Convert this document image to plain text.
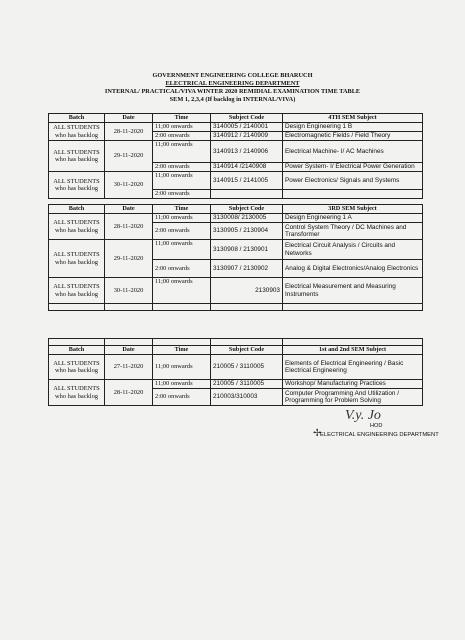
GOVERNMENT ENGINEERING COLLEGE BHARUCH
ELECTRICAL ENGINEERING DEPARTMENT
INTERNAL/ PRACTICAL/VIVA WINTER 2020 REMIDIAL EXAMINATION TIME TABLE
SEM 1, 2,3,4 (If backlog in INTERNAL/VIVA)
Batch	Date	Time	Subject Code	4TH SEM Subject
ALL STUDENTS who has backlog	28-11-2020	11;00 onwards	3140005 / 2140001	Design Engineering 1 B
		2:00 onwards	3140912 / 2140909	Electromagnetic Fields / Field Theory
ALL STUDENTS who has backlog	29-11-2020	11;00 onwards	3140913 / 2140906	Electrical Machine- I/ AC Machines
		2:00 onwards	3140914 /2140908	Power System- I/ Electrical Power Generation
ALL STUDENTS who has backlog	30-11-2020	11;00 onwards	3140915 / 2141005	Power Electronics/ Signals and Systems
		2:00 onwards		
Batch	Date	Time	Subject Code	3RD SEM Subject
ALL STUDENTS who has backlog	28-11-2020	11;00 onwards	3130008/ 2130005	Design Engineering 1 A
		2:00 onwards	3130905 / 2130904	Control System Theory / DC Machines and Transformer
ALL STUDENTS who has backlog	29-11-2020	11;00 onwards	3130908 / 2130901	Electrical Circuit Analysis / Circuits and Networks
		2:00 onwards	3130907 / 2130902	Analog & Digital Electronics/Analog Electronics
ALL STUDENTS who has backlog	30-11-2020	11;00 onwards	2130903	Electrical Measurement and Measuring Instruments

Batch	Date	Time	Subject Code	1st and 2nd SEM Subject
ALL STUDENTS who has backlog	27-11-2020	11;00 onwards	210005 / 3110005	Elements of Electrical Engineering / Basic Electrical Engineering
ALL STUDENTS who has backlog	28-11-2020	11;00 onwards	210005 / 3110005	Workshop/ Manufacturing Practices
		2:00 onwards	210003/310003	Computer Programming And Utilization / Programming for Problem Solving
V.y. Jo
HOD
✢
ELECTRICAL ENGINEERING DEPARTMENT
